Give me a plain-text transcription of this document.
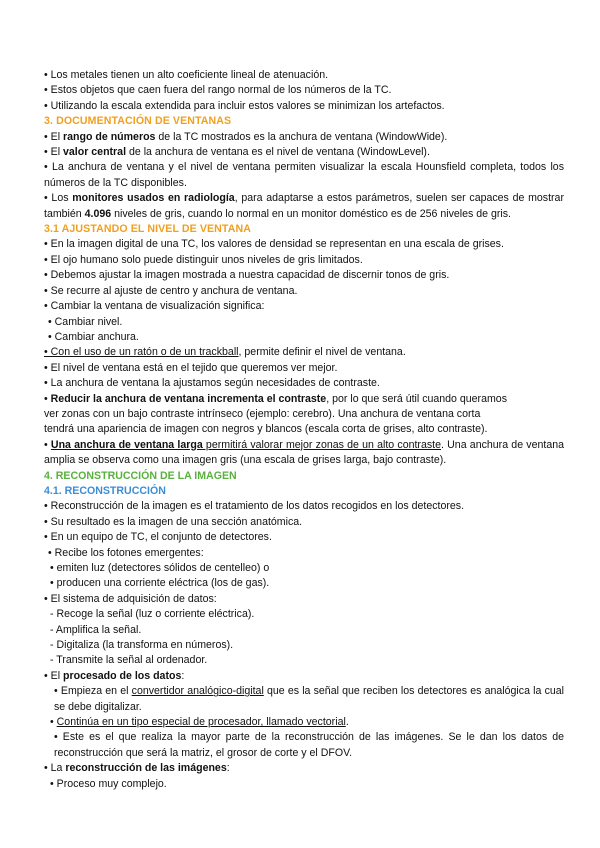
• Los metales tienen un alto coeficiente lineal de atenuación.
• Estos objetos que caen fuera del rango normal de los números de la TC.
• Utilizando la escala extendida para incluir estos valores se minimizan los artefactos.
3. DOCUMENTACIÓN DE VENTANAS
• El rango de números de la TC mostrados es la anchura de ventana (WindowWide).
• El valor central de la anchura de ventana es el nivel de ventana (WindowLevel).
• La anchura de ventana y el nivel de ventana permiten visualizar la escala Hounsfield completa, todos los números de la TC disponibles.
• Los monitores usados en radiología, para adaptarse a estos parámetros, suelen ser capaces de mostrar también 4.096 niveles de gris, cuando lo normal en un monitor doméstico es de 256 niveles de gris.
3.1 AJUSTANDO EL NIVEL DE VENTANA
• En la imagen digital de una TC, los valores de densidad se representan en una escala de grises.
• El ojo humano solo puede distinguir unos niveles de gris limitados.
• Debemos ajustar la imagen mostrada a nuestra capacidad de discernir tonos de gris.
• Se recurre al ajuste de centro y anchura de ventana.
• Cambiar la ventana de visualización significa:
• Cambiar nivel.
• Cambiar anchura.
• Con el uso de un ratón o de un trackball, permite definir el nivel de ventana.
• El nivel de ventana está en el tejido que queremos ver mejor.
• La anchura de ventana la ajustamos según necesidades de contraste.
• Reducir la anchura de ventana incrementa el contraste, por lo que será útil cuando queramos
ver zonas con un bajo contraste intrínseco (ejemplo: cerebro). Una anchura de ventana corta
tendrá una apariencia de imagen con negros y blancos (escala corta de grises, alto contraste).
• Una anchura de ventana larga permitirá valorar mejor zonas de un alto contraste. Una anchura de ventana amplia se observa como una imagen gris (una escala de grises larga, bajo contraste).
4. RECONSTRUCCIÓN DE LA IMAGEN
4.1. RECONSTRUCCIÓN
• Reconstrucción de la imagen es el tratamiento de los datos recogidos en los detectores.
• Su resultado es la imagen de una sección anatómica.
• En un equipo de TC, el conjunto de detectores.
• Recibe los fotones emergentes:
• emiten luz (detectores sólidos de centelleo) o
• producen una corriente eléctrica (los de gas).
• El sistema de adquisición de datos:
- Recoge la señal (luz o corriente eléctrica).
- Amplifica la señal.
- Digitaliza (la transforma en números).
- Transmite la señal al ordenador.
• El procesado de los datos:
• Empieza en el convertidor analógico-digital que es la señal que reciben los detectores es analógica la cual se debe digitalizar.
• Continúa en un tipo especial de procesador, llamado vectorial.
• Este es el que realiza la mayor parte de la reconstrucción de las imágenes. Se le dan los datos de reconstrucción que será la matriz, el grosor de corte y el DFOV.
• La reconstrucción de las imágenes:
• Proceso muy complejo.
